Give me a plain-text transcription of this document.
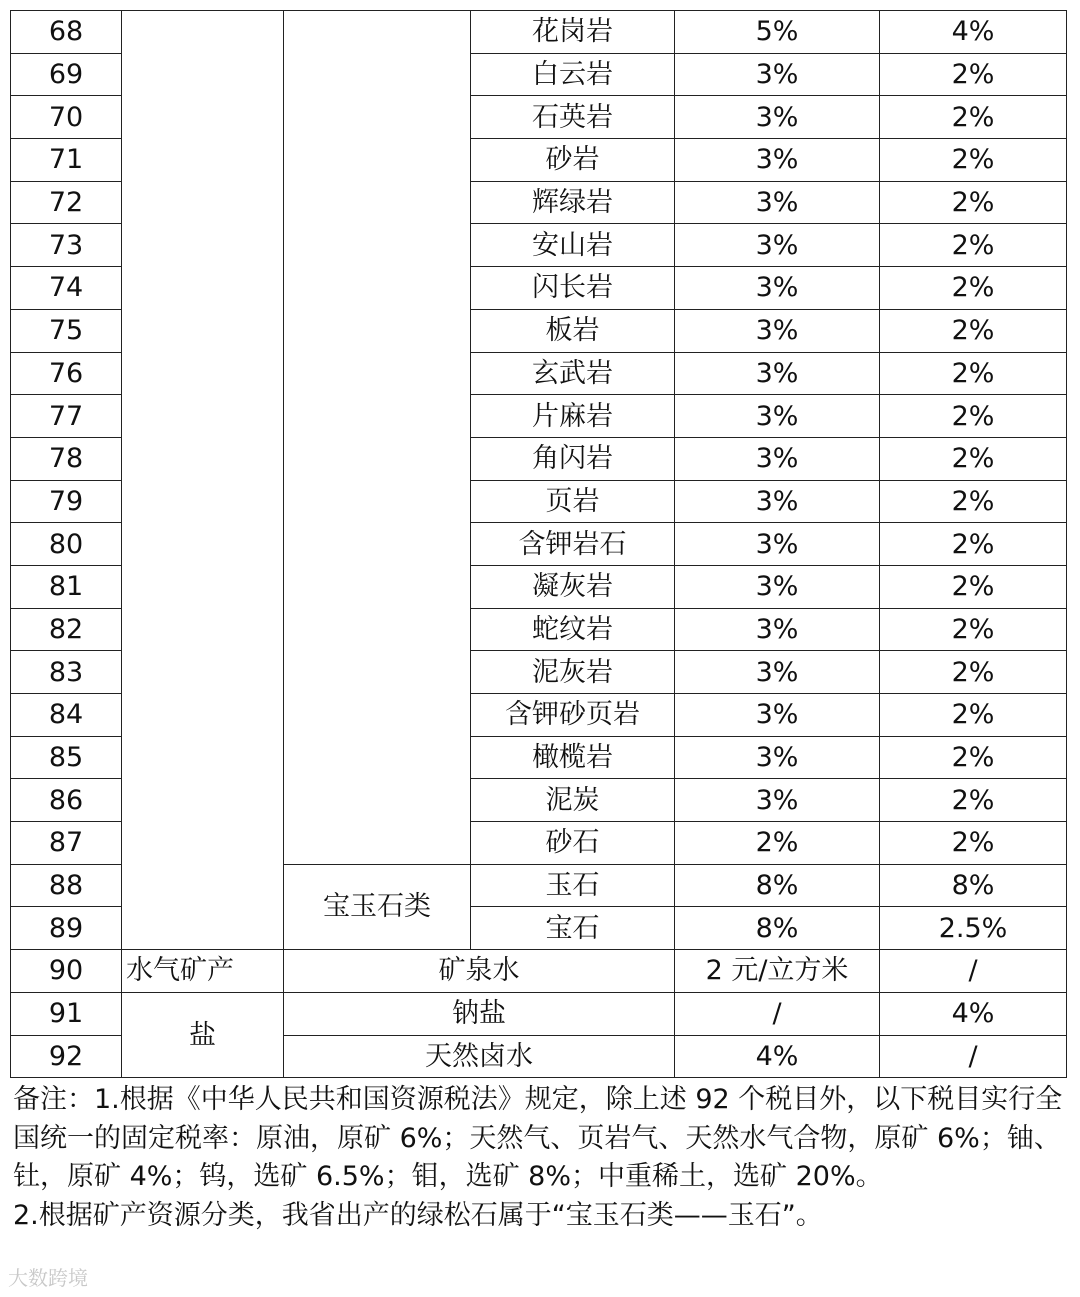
68			花岗岩	5%	4%
69			白云岩	3%	2%
70			石英岩	3%	2%
71			砂岩	3%	2%
72			辉绿岩	3%	2%
73			安山岩	3%	2%
74			闪长岩	3%	2%
75			板岩	3%	2%
76			玄武岩	3%	2%
77			片麻岩	3%	2%
78			角闪岩	3%	2%
79			页岩	3%	2%
80			含钾岩石	3%	2%
81			凝灰岩	3%	2%
82			蛇纹岩	3%	2%
83			泥灰岩	3%	2%
84			含钾砂页岩	3%	2%
85			橄榄岩	3%	2%
86			泥炭	3%	2%
87			砂石	2%	2%
88		宝玉石类	玉石	8%	8%
89			宝石	8%	2.5%
90	水气矿产	矿泉水		2 元/立方米	/
91	盐	钠盐		/	4%
92		天然卤水		4%	/

备注：1.根据《中华人民共和国资源税法》规定，除上述 92 个税目外，以下税目实行全国统一的固定税率：原油，原矿 6%；天然气、页岩气、天然水气合物，原矿 6%；铀、钍，原矿 4%；钨，选矿 6.5%；钼，选矿 8%；中重稀土，选矿 20%。

2.根据矿产资源分类，我省出产的绿松石属于“宝玉石类——玉石”。

大数跨境
